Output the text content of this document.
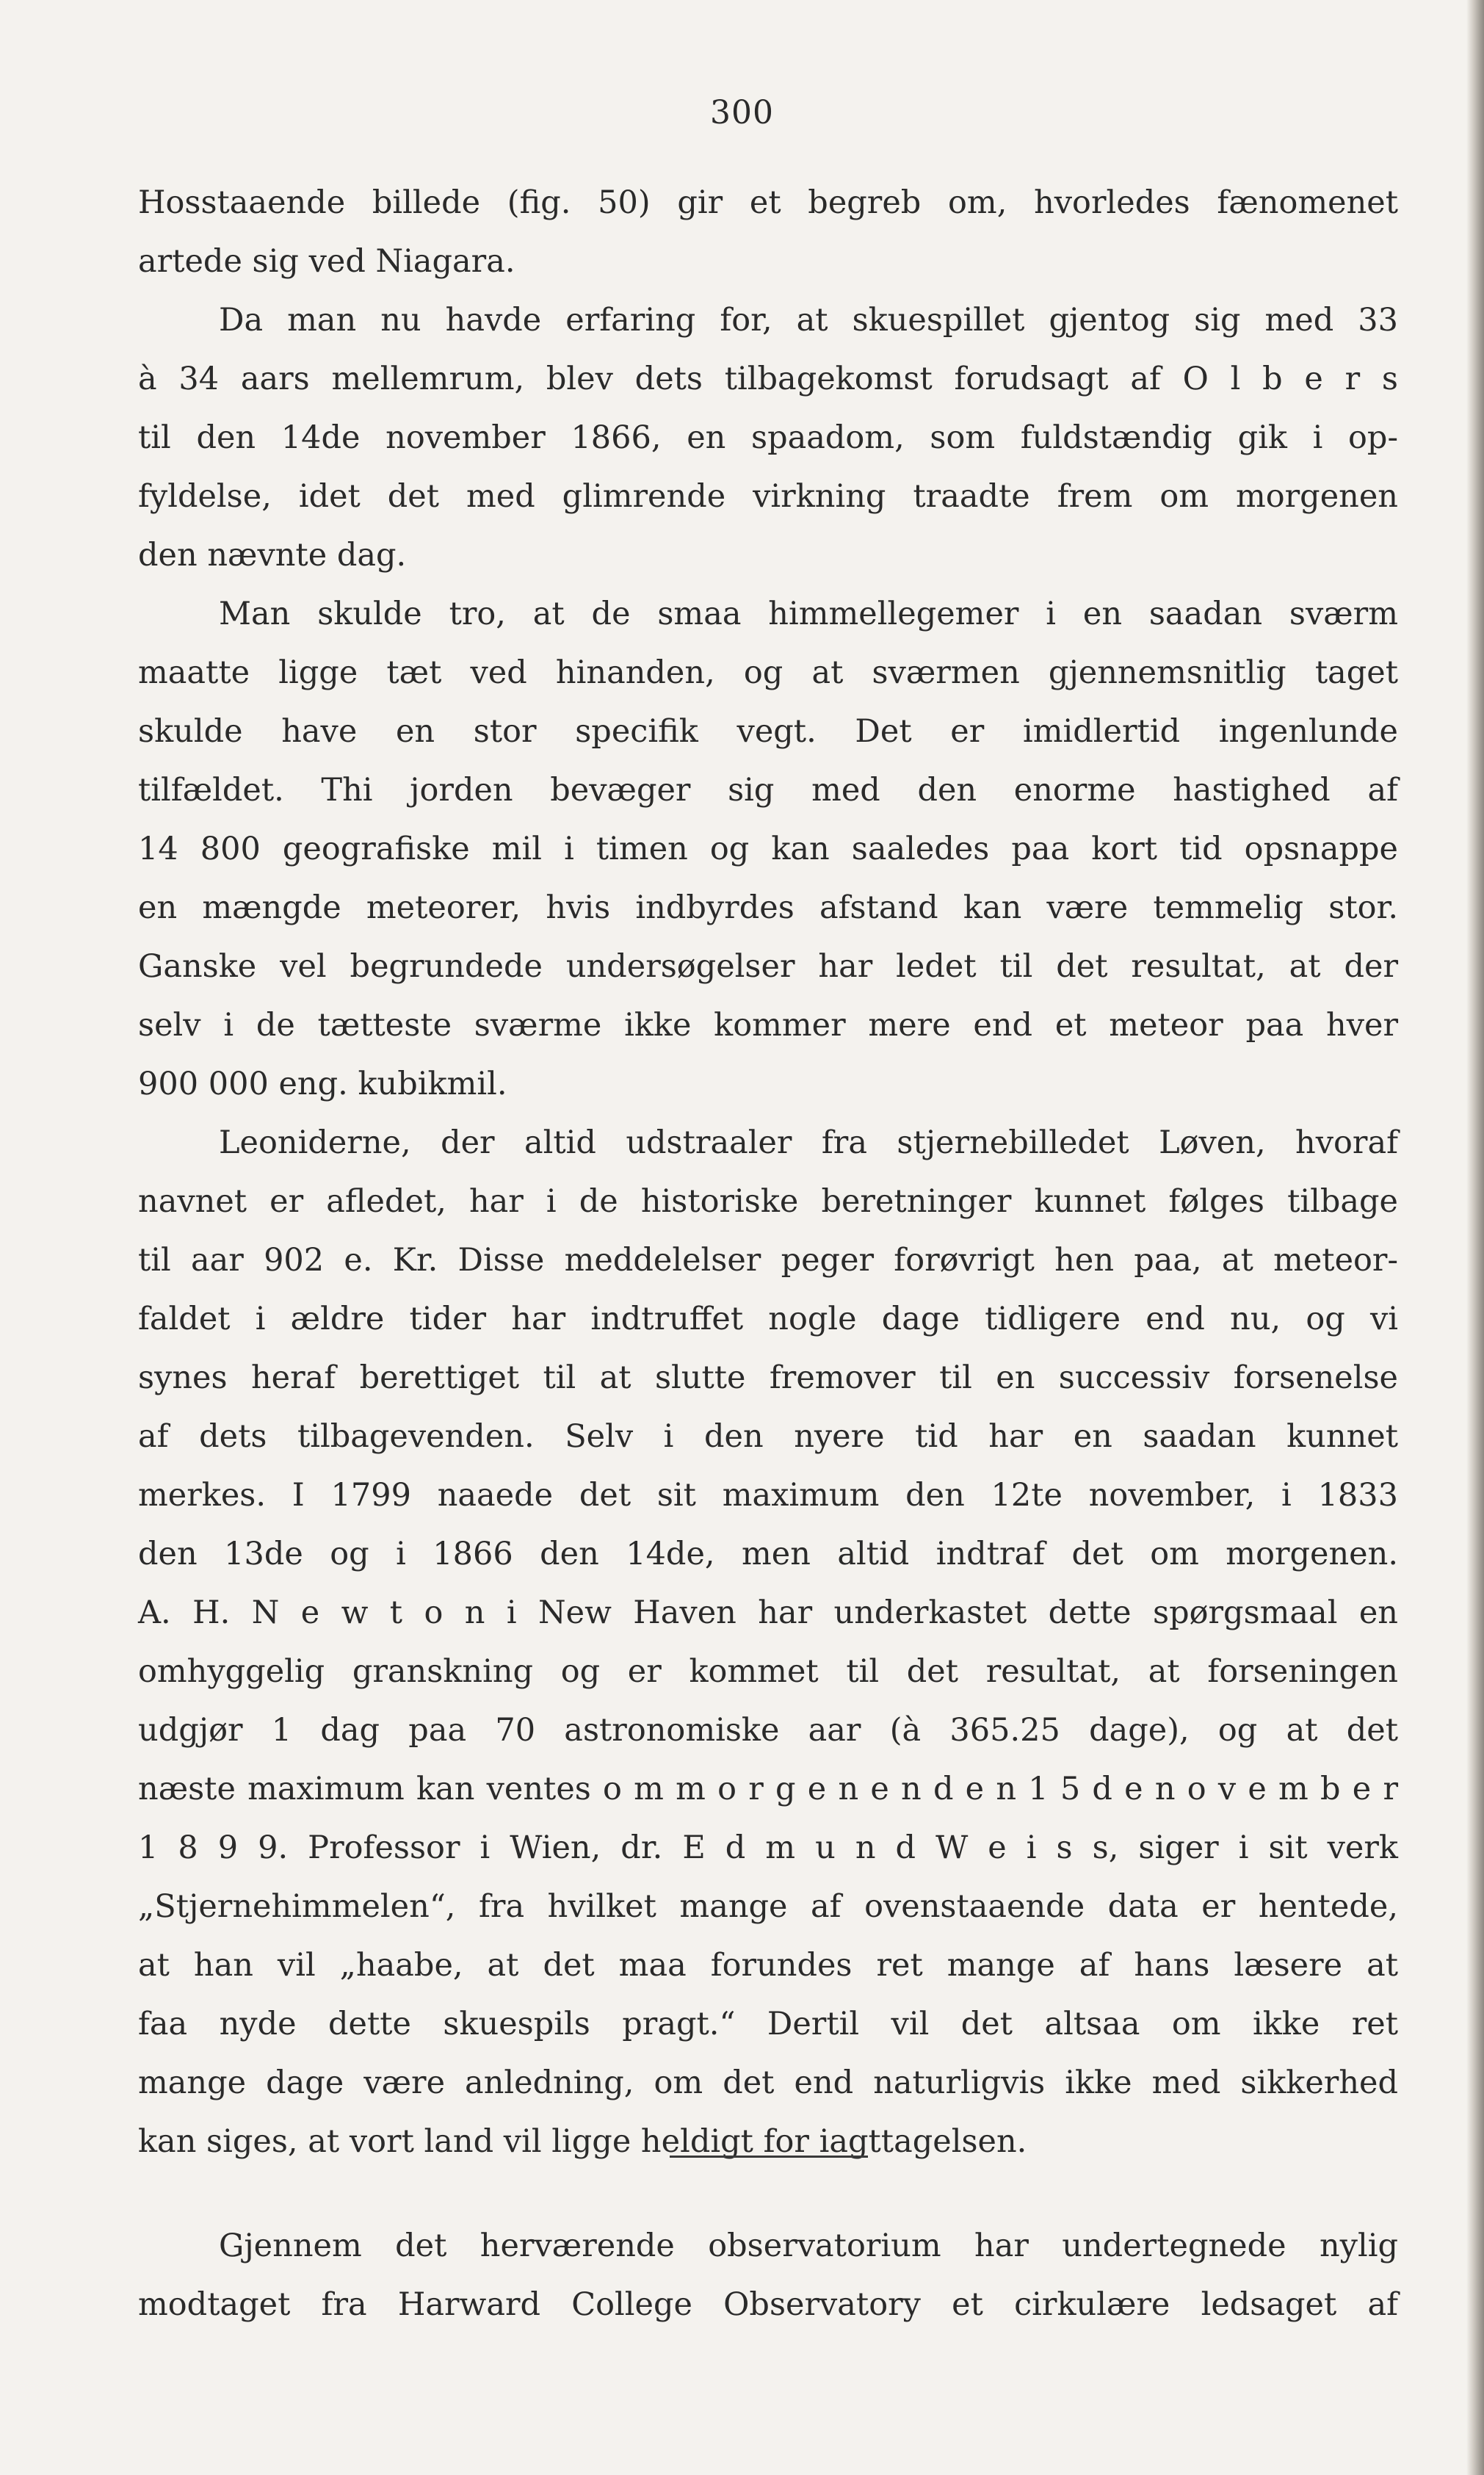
300
Hosstaaende billede (fig. 50) gir et begreb om, hvorledes fænomenet
artede sig ved Niagara.
Da man nu havde erfaring for, at skuespillet gjentog sig med 33
à 34 aars mellemrum, blev dets tilbagekomst forudsagt af O l b e r s
til den 14de november 1866, en spaadom, som fuldstændig gik i op-
fyldelse, idet det med glimrende virkning traadte frem om morgenen
den nævnte dag.
Man skulde tro, at de smaa himmellegemer i en saadan sværm
maatte ligge tæt ved hinanden, og at sværmen gjennemsnitlig taget
skulde have en stor specifik vegt. Det er imidlertid ingenlunde
tilfældet. Thi jorden bevæger sig med den enorme hastighed af
14 800 geografiske mil i timen og kan saaledes paa kort tid opsnappe
en mængde meteorer, hvis indbyrdes afstand kan være temmelig stor.
Ganske vel begrundede undersøgelser har ledet til det resultat, at der
selv i de tætteste sværme ikke kommer mere end et meteor paa hver
900 000 eng. kubikmil.
Leoniderne, der altid udstraaler fra stjernebilledet Løven, hvoraf
navnet er afledet, har i de historiske beretninger kunnet følges tilbage
til aar 902 e. Kr. Disse meddelelser peger forøvrigt hen paa, at meteor-
faldet i ældre tider har indtruffet nogle dage tidligere end nu, og vi
synes heraf berettiget til at slutte fremover til en successiv forsenelse
af dets tilbagevenden. Selv i den nyere tid har en saadan kunnet
merkes. I 1799 naaede det sit maximum den 12te november, i 1833
den 13de og i 1866 den 14de, men altid indtraf det om morgenen.
A. H. N e w t o n i New Haven har underkastet dette spørgsmaal en
omhyggelig granskning og er kommet til det resultat, at forseningen
udgjør 1 dag paa 70 astronomiske aar (à 365.25 dage), og at det
næste maximum kan ventes o m m o r g e n e n d e n 1 5 d e n o v e m b e r
1 8 9 9. Professor i Wien, dr. E d m u n d W e i s s, siger i sit verk
„Stjernehimmelen“, fra hvilket mange af ovenstaaende data er hentede,
at han vil „haabe, at det maa forundes ret mange af hans læsere at
faa nyde dette skuespils pragt.“ Dertil vil det altsaa om ikke ret
mange dage være anledning, om det end naturligvis ikke med sikkerhed
kan siges, at vort land vil ligge heldigt for iagttagelsen.
Gjennem det herværende observatorium har undertegnede nylig
modtaget fra Harward College Observatory et cirkulære ledsaget af
